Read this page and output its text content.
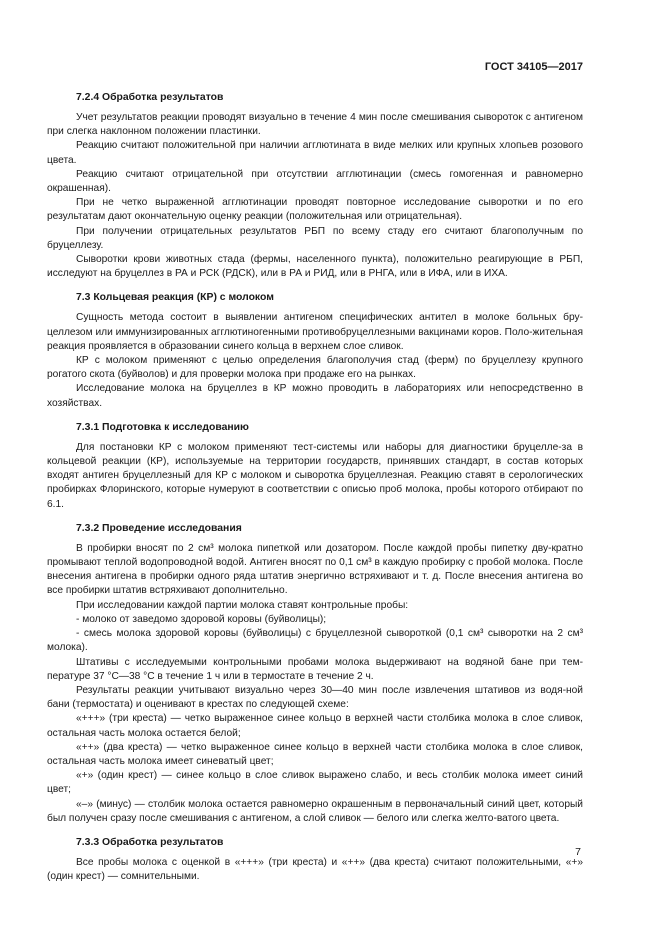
ГОСТ 34105—2017
7.2.4 Обработка результатов

Учет результатов реакции проводят визуально в течение 4 мин после смешивания сывороток с антигеном при слегка наклонном положении пластинки.

Реакцию считают положительной при наличии агглютината в виде мелких или крупных хлопьев розового цвета.

Реакцию считают отрицательной при отсутствии агглютинации (смесь гомогенная и равномерно окрашенная).

При не четко выраженной агглютинации проводят повторное исследование сыворотки и по его результатам дают окончательную оценку реакции (положительная или отрицательная).

При получении отрицательных результатов РБП по всему стаду его считают благополучным по бруцеллезу.

Сыворотки крови животных стада (фермы, населенного пункта), положительно реагирующие в РБП, исследуют на бруцеллез в РА и РСК (РДСК), или в РА и РИД, или в РНГА, или в ИФА, или в ИХА.

7.3 Кольцевая реакция (КР) с молоком

Сущность метода состоит в выявлении антигеном специфических антител в молоке больных бру-целлезом или иммунизированных агглютиногенными противобруцеллезными вакцинами коров. Поло-жительная реакция проявляется в образовании синего кольца в верхнем слое сливок.

КР с молоком применяют с целью определения благополучия стад (ферм) по бруцеллезу крупного рогатого скота (буйволов) и для проверки молока при продаже его на рынках.

Исследование молока на бруцеллез в КР можно проводить в лабораториях или непосредственно в хозяйствах.

7.3.1 Подготовка к исследованию

Для постановки КР с молоком применяют тест-системы или наборы для диагностики бруцелле-за в кольцевой реакции (КР), используемые на территории государств, принявших стандарт, в состав которых входят антиген бруцеллезный для КР с молоком и сыворотка бруцеллезная. Реакцию ставят в серологических пробирках Флоринского, которые нумеруют в соответствии с описью проб молока, пробы которого отбирают по 6.1.

7.3.2 Проведение исследования

В пробирки вносят по 2 см³ молока пипеткой или дозатором. После каждой пробы пипетку дву-кратно промывают теплой водопроводной водой. Антиген вносят по 0,1 см³ в каждую пробирку с пробой молока. После внесения антигена в пробирки одного ряда штатив энергично встряхивают и т. д. После внесения антигена во все пробирки штатив встряхивают дополнительно.

При исследовании каждой партии молока ставят контрольные пробы:

- молоко от заведомо здоровой коровы (буйволицы);

- смесь молока здоровой коровы (буйволицы) с бруцеллезной сывороткой (0,1 см³ сыворотки на 2 см³ молока).

Штативы с исследуемыми контрольными пробами молока выдерживают на водяной бане при тем-пературе 37 °С—38 °С в течение 1 ч или в термостате в течение 2 ч.

Результаты реакции учитывают визуально через 30—40 мин после извлечения штативов из водя-ной бани (термостата) и оценивают в крестах по следующей схеме:

«+++» (три креста) — четко выраженное синее кольцо в верхней части столбика молока в слое сливок, остальная часть молока остается белой;

«++» (два креста) — четко выраженное синее кольцо в верхней части столбика молока в слое сливок, остальная часть молока имеет синеватый цвет;

«+» (один крест) — синее кольцо в слое сливок выражено слабо, и весь столбик молока имеет синий цвет;

«–» (минус) — столбик молока остается равномерно окрашенным в первоначальный синий цвет, который был получен сразу после смешивания с антигеном, а слой сливок — белого или слегка желто-ватого цвета.

7.3.3 Обработка результатов

Все пробы молока с оценкой в «+++» (три креста) и «++» (два креста) считают положительными, «+» (один крест) — сомнительными.

7
